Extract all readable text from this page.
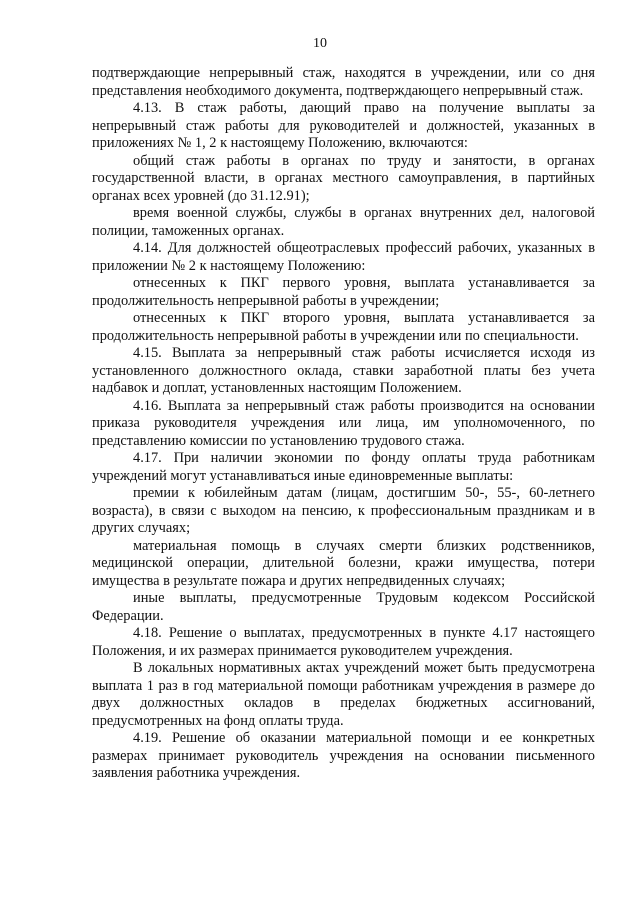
10

подтверждающие непрерывный стаж, находятся в учреждении, или со дня представления необходимого документа, подтверждающего непрерывный стаж.

4.13. В стаж работы, дающий право на получение выплаты за непрерывный стаж работы для руководителей и должностей, указанных в приложениях № 1, 2 к настоящему Положению, включаются:

общий стаж работы в органах по труду и занятости, в органах государственной власти, в органах местного самоуправления, в партийных органах всех уровней (до 31.12.91);

время военной службы, службы в органах внутренних дел, налоговой полиции, таможенных органах.

4.14. Для должностей общеотраслевых профессий рабочих, указанных в приложении № 2 к настоящему Положению:

отнесенных к ПКГ первого уровня, выплата устанавливается за продолжительность непрерывной работы в учреждении;

отнесенных к ПКГ второго уровня, выплата устанавливается за продолжительность непрерывной работы в учреждении или по специальности.

4.15. Выплата за непрерывный стаж работы исчисляется исходя из установленного должностного оклада, ставки заработной платы без учета надбавок и доплат, установленных настоящим Положением.

4.16. Выплата за непрерывный стаж работы производится на основании приказа руководителя учреждения или лица, им уполномоченного, по представлению комиссии по установлению трудового стажа.

4.17. При наличии экономии по фонду оплаты труда работникам учреждений могут устанавливаться иные единовременные выплаты:

премии к юбилейным датам (лицам, достигшим 50-, 55-, 60-летнего возраста), в связи с выходом на пенсию, к профессиональным праздникам и в других случаях;

материальная помощь в случаях смерти близких родственников, медицинской операции, длительной болезни, кражи имущества, потери имущества в результате пожара и других непредвиденных случаях;

иные выплаты, предусмотренные Трудовым кодексом Российской Федерации.

4.18. Решение о выплатах, предусмотренных в пункте 4.17 настоящего Положения, и их размерах принимается руководителем учреждения.

В локальных нормативных актах учреждений может быть предусмотрена выплата 1 раз в год материальной помощи работникам учреждения в размере до двух должностных окладов в пределах бюджетных ассигнований, предусмотренных на фонд оплаты труда.

4.19. Решение об оказании материальной помощи и ее конкретных размерах принимает руководитель учреждения на основании письменного заявления работника учреждения.
